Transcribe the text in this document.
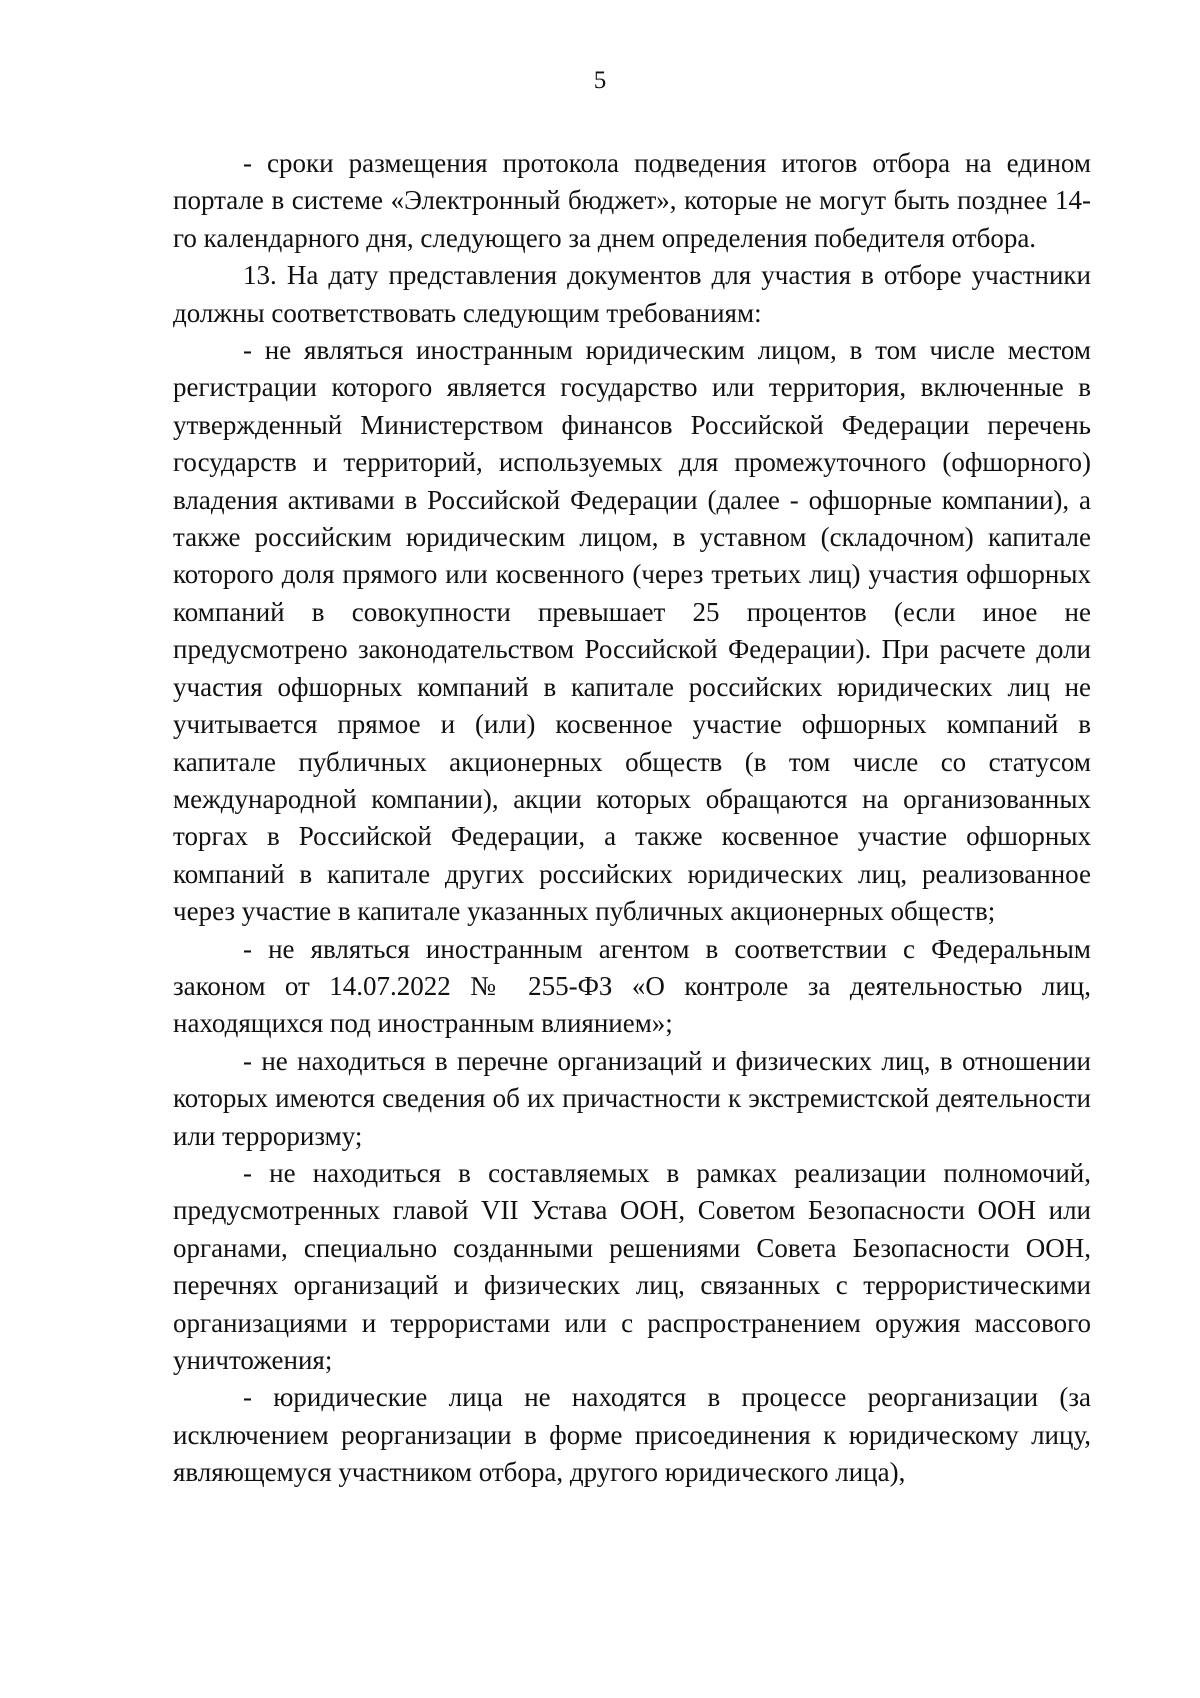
5

- сроки размещения протокола подведения итогов отбора на едином портале в системе «Электронный бюджет», которые не могут быть позднее 14-го календарного дня, следующего за днем определения победителя отбора.

13. На дату представления документов для участия в отборе участники должны соответствовать следующим требованиям:

- не являться иностранным юридическим лицом, в том числе местом регистрации которого является государство или территория, включенные в утвержденный Министерством финансов Российской Федерации перечень государств и территорий, используемых для промежуточного (офшорного) владения активами в Российской Федерации (далее - офшорные компании), а также российским юридическим лицом, в уставном (складочном) капитале которого доля прямого или косвенного (через третьих лиц) участия офшорных компаний в совокупности превышает 25 процентов (если иное не предусмотрено законодательством Российской Федерации). При расчете доли участия офшорных компаний в капитале российских юридических лиц не учитывается прямое и (или) косвенное участие офшорных компаний в капитале публичных акционерных обществ (в том числе со статусом международной компании), акции которых обращаются на организованных торгах в Российской Федерации, а также косвенное участие офшорных компаний в капитале других российских юридических лиц, реализованное через участие в капитале указанных публичных акционерных обществ;

- не являться иностранным агентом в соответствии с Федеральным законом от 14.07.2022 № 255-ФЗ «О контроле за деятельностью лиц, находящихся под иностранным влиянием»;

- не находиться в перечне организаций и физических лиц, в отношении которых имеются сведения об их причастности к экстремистской деятельности или терроризму;

- не находиться в составляемых в рамках реализации полномочий, предусмотренных главой VII Устава ООН, Советом Безопасности ООН или органами, специально созданными решениями Совета Безопасности ООН, перечнях организаций и физических лиц, связанных с террористическими организациями и террористами или с распространением оружия массового уничтожения;

- юридические лица не находятся в процессе реорганизации (за исключением реорганизации в форме присоединения к юридическому лицу, являющемуся участником отбора, другого юридического лица),
